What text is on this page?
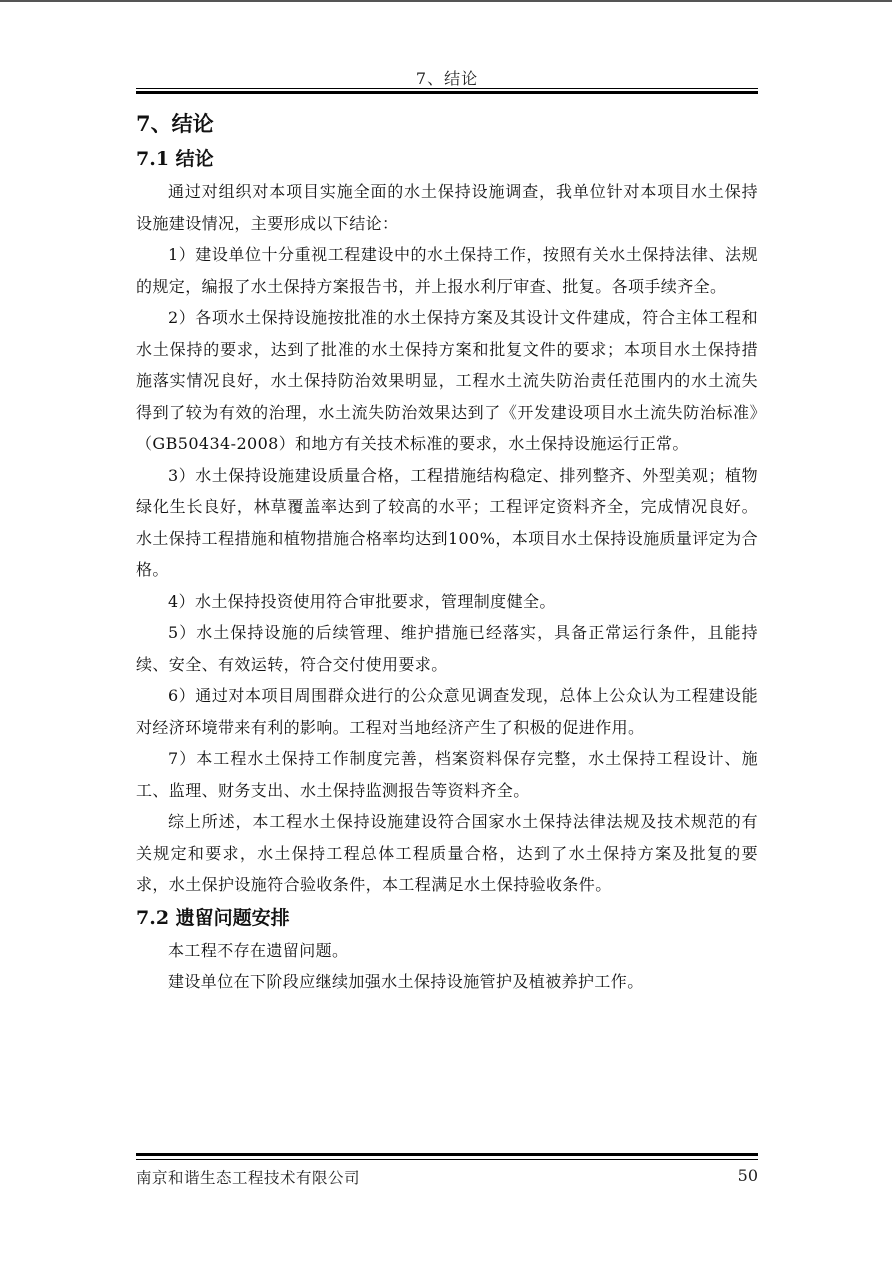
7、结论
7、结论
7.1 结论

通过对组织对本项目实施全面的水土保持设施调查，我单位针对本项目水土保持设施建设情况，主要形成以下结论：

1）建设单位十分重视工程建设中的水土保持工作，按照有关水土保持法律、法规的规定，编报了水土保持方案报告书，并上报水利厅审查、批复。各项手续齐全。

2）各项水土保持设施按批准的水土保持方案及其设计文件建成，符合主体工程和水土保持的要求，达到了批准的水土保持方案和批复文件的要求；本项目水土保持措施落实情况良好，水土保持防治效果明显，工程水土流失防治责任范围内的水土流失得到了较为有效的治理，水土流失防治效果达到了《开发建设项目水土流失防治标准》（GB50434-2008）和地方有关技术标准的要求，水土保持设施运行正常。

3）水土保持设施建设质量合格，工程措施结构稳定、排列整齐、外型美观；植物绿化生长良好，林草覆盖率达到了较高的水平；工程评定资料齐全，完成情况良好。水土保持工程措施和植物措施合格率均达到100%，本项目水土保持设施质量评定为合格。

4）水土保持投资使用符合审批要求，管理制度健全。

5）水土保持设施的后续管理、维护措施已经落实，具备正常运行条件，且能持续、安全、有效运转，符合交付使用要求。

6）通过对本项目周围群众进行的公众意见调查发现，总体上公众认为工程建设能对经济环境带来有利的影响。工程对当地经济产生了积极的促进作用。

7）本工程水土保持工作制度完善，档案资料保存完整，水土保持工程设计、施工、监理、财务支出、水土保持监测报告等资料齐全。

综上所述，本工程水土保持设施建设符合国家水土保持法律法规及技术规范的有关规定和要求，水土保持工程总体工程质量合格，达到了水土保持方案及批复的要求，水土保护设施符合验收条件，本工程满足水土保持验收条件。

7.2 遗留问题安排

本工程不存在遗留问题。

建设单位在下阶段应继续加强水土保持设施管护及植被养护工作。

南京和谐生态工程技术有限公司	50
